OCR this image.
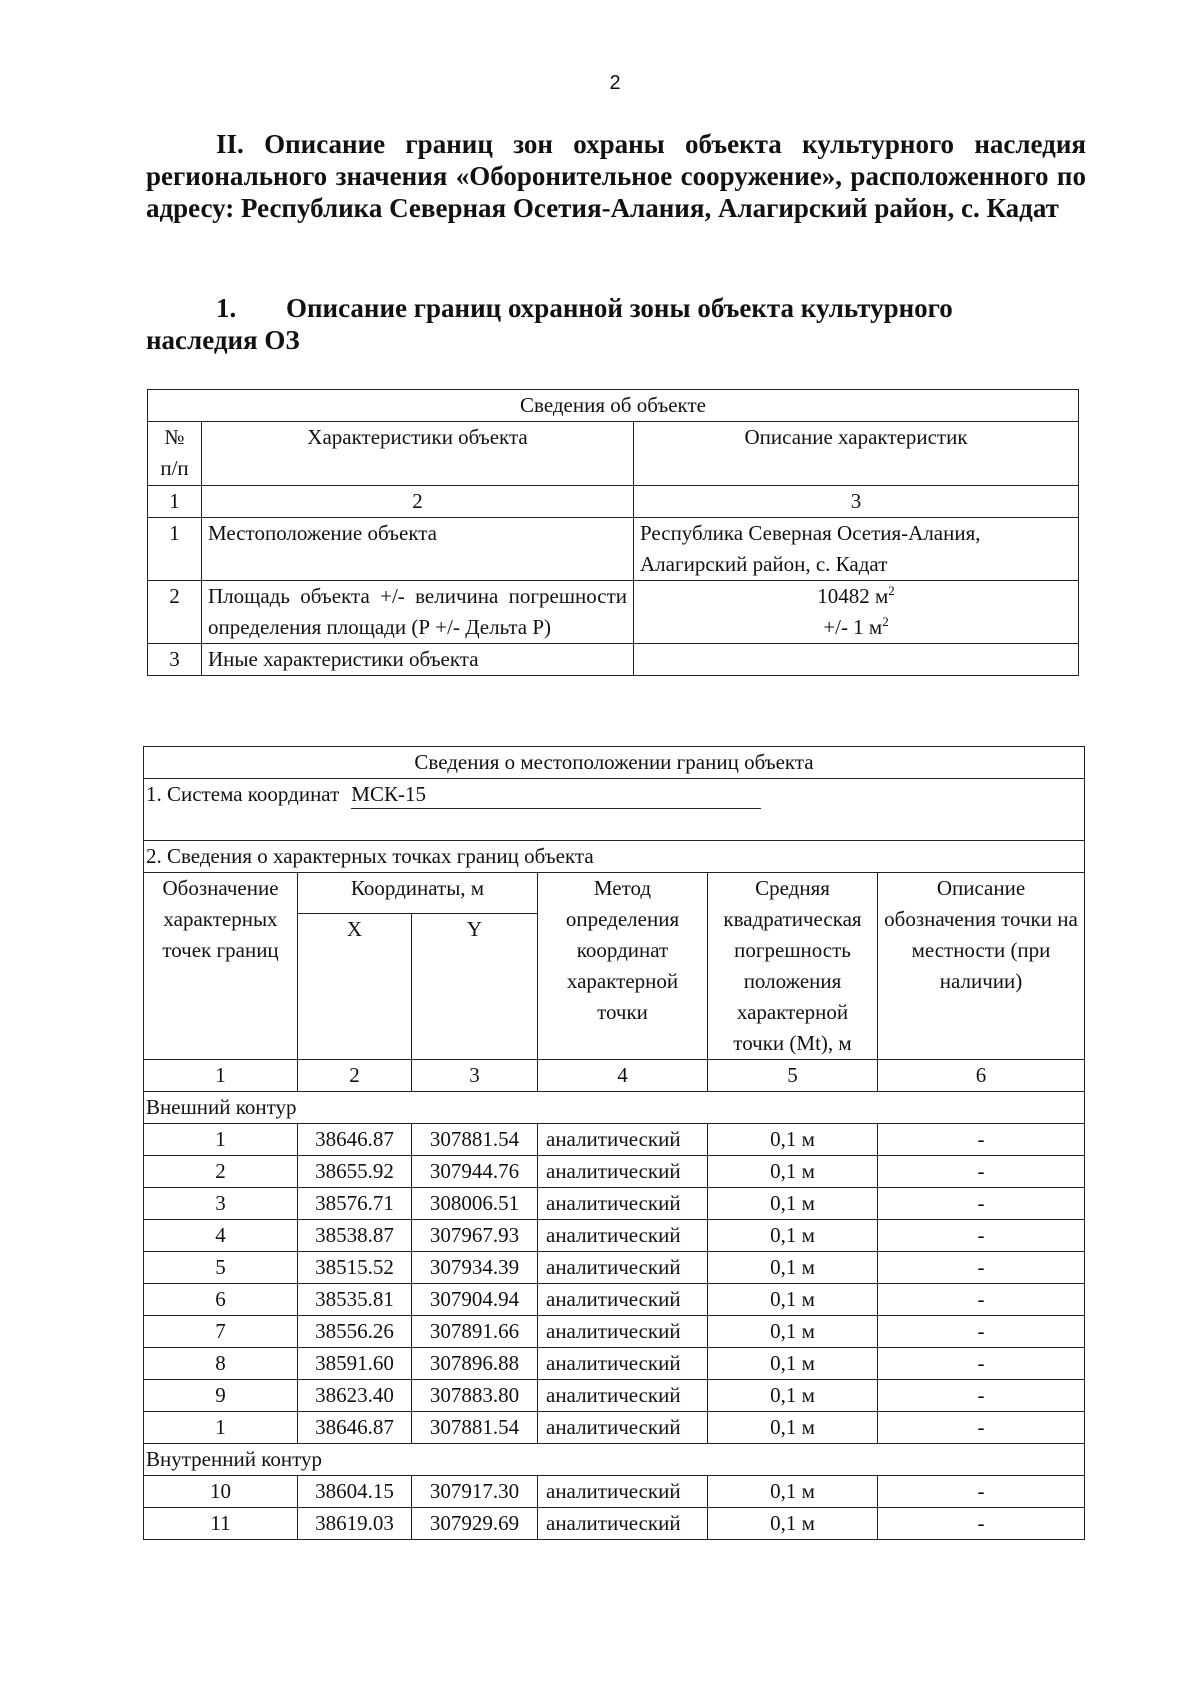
2
II. Описание границ зон охраны объекта культурного наследия регионального значения «Оборонительное сооружение», расположенного по адресу: Республика Северная Осетия-Алания, Алагирский район, с. Кадат
1. Описание границ охранной зоны объекта культурного наследия ОЗ
Сведения об объекте		
№ п/п	Характеристики объекта	Описание характеристик
1	2	3
1	Местоположение объекта	Республика Северная Осетия-Алания, Алагирский район, с. Кадат
2	Площадь объекта +/- величина погрешности определения площади (Р +/- Дельта Р)	10482 $м^2$
+/- 1 $м^2$

3	Иные характеристики объекта	
Сведения о местоположении границ объекта					
1. Система координат МСК-15					
2. Сведения о характерных точках границ объекта					
Обозначение характерных точек границ	Координаты, м		Метод определения координат характерной точки	Средняя квадратическая погрешность положения характерной точки (Mt), м	Описание обозначения точки на местности (при наличии)
	X	Y			
1	2	3	4	5	6
Внешний контур					
1	38646.87	307881.54	аналитический	0,1 м	-
2	38655.92	307944.76	аналитический	0,1 м	-
3	38576.71	308006.51	аналитический	0,1 м	-
4	38538.87	307967.93	аналитический	0,1 м	-
5	38515.52	307934.39	аналитический	0,1 м	-
6	38535.81	307904.94	аналитический	0,1 м	-
7	38556.26	307891.66	аналитический	0,1 м	-
8	38591.60	307896.88	аналитический	0,1 м	-
9	38623.40	307883.80	аналитический	0,1 м	-
1	38646.87	307881.54	аналитический	0,1 м	-
Внутренний контур					
10	38604.15	307917.30	аналитический	0,1 м	-
11	38619.03	307929.69	аналитический	0,1 м	-
